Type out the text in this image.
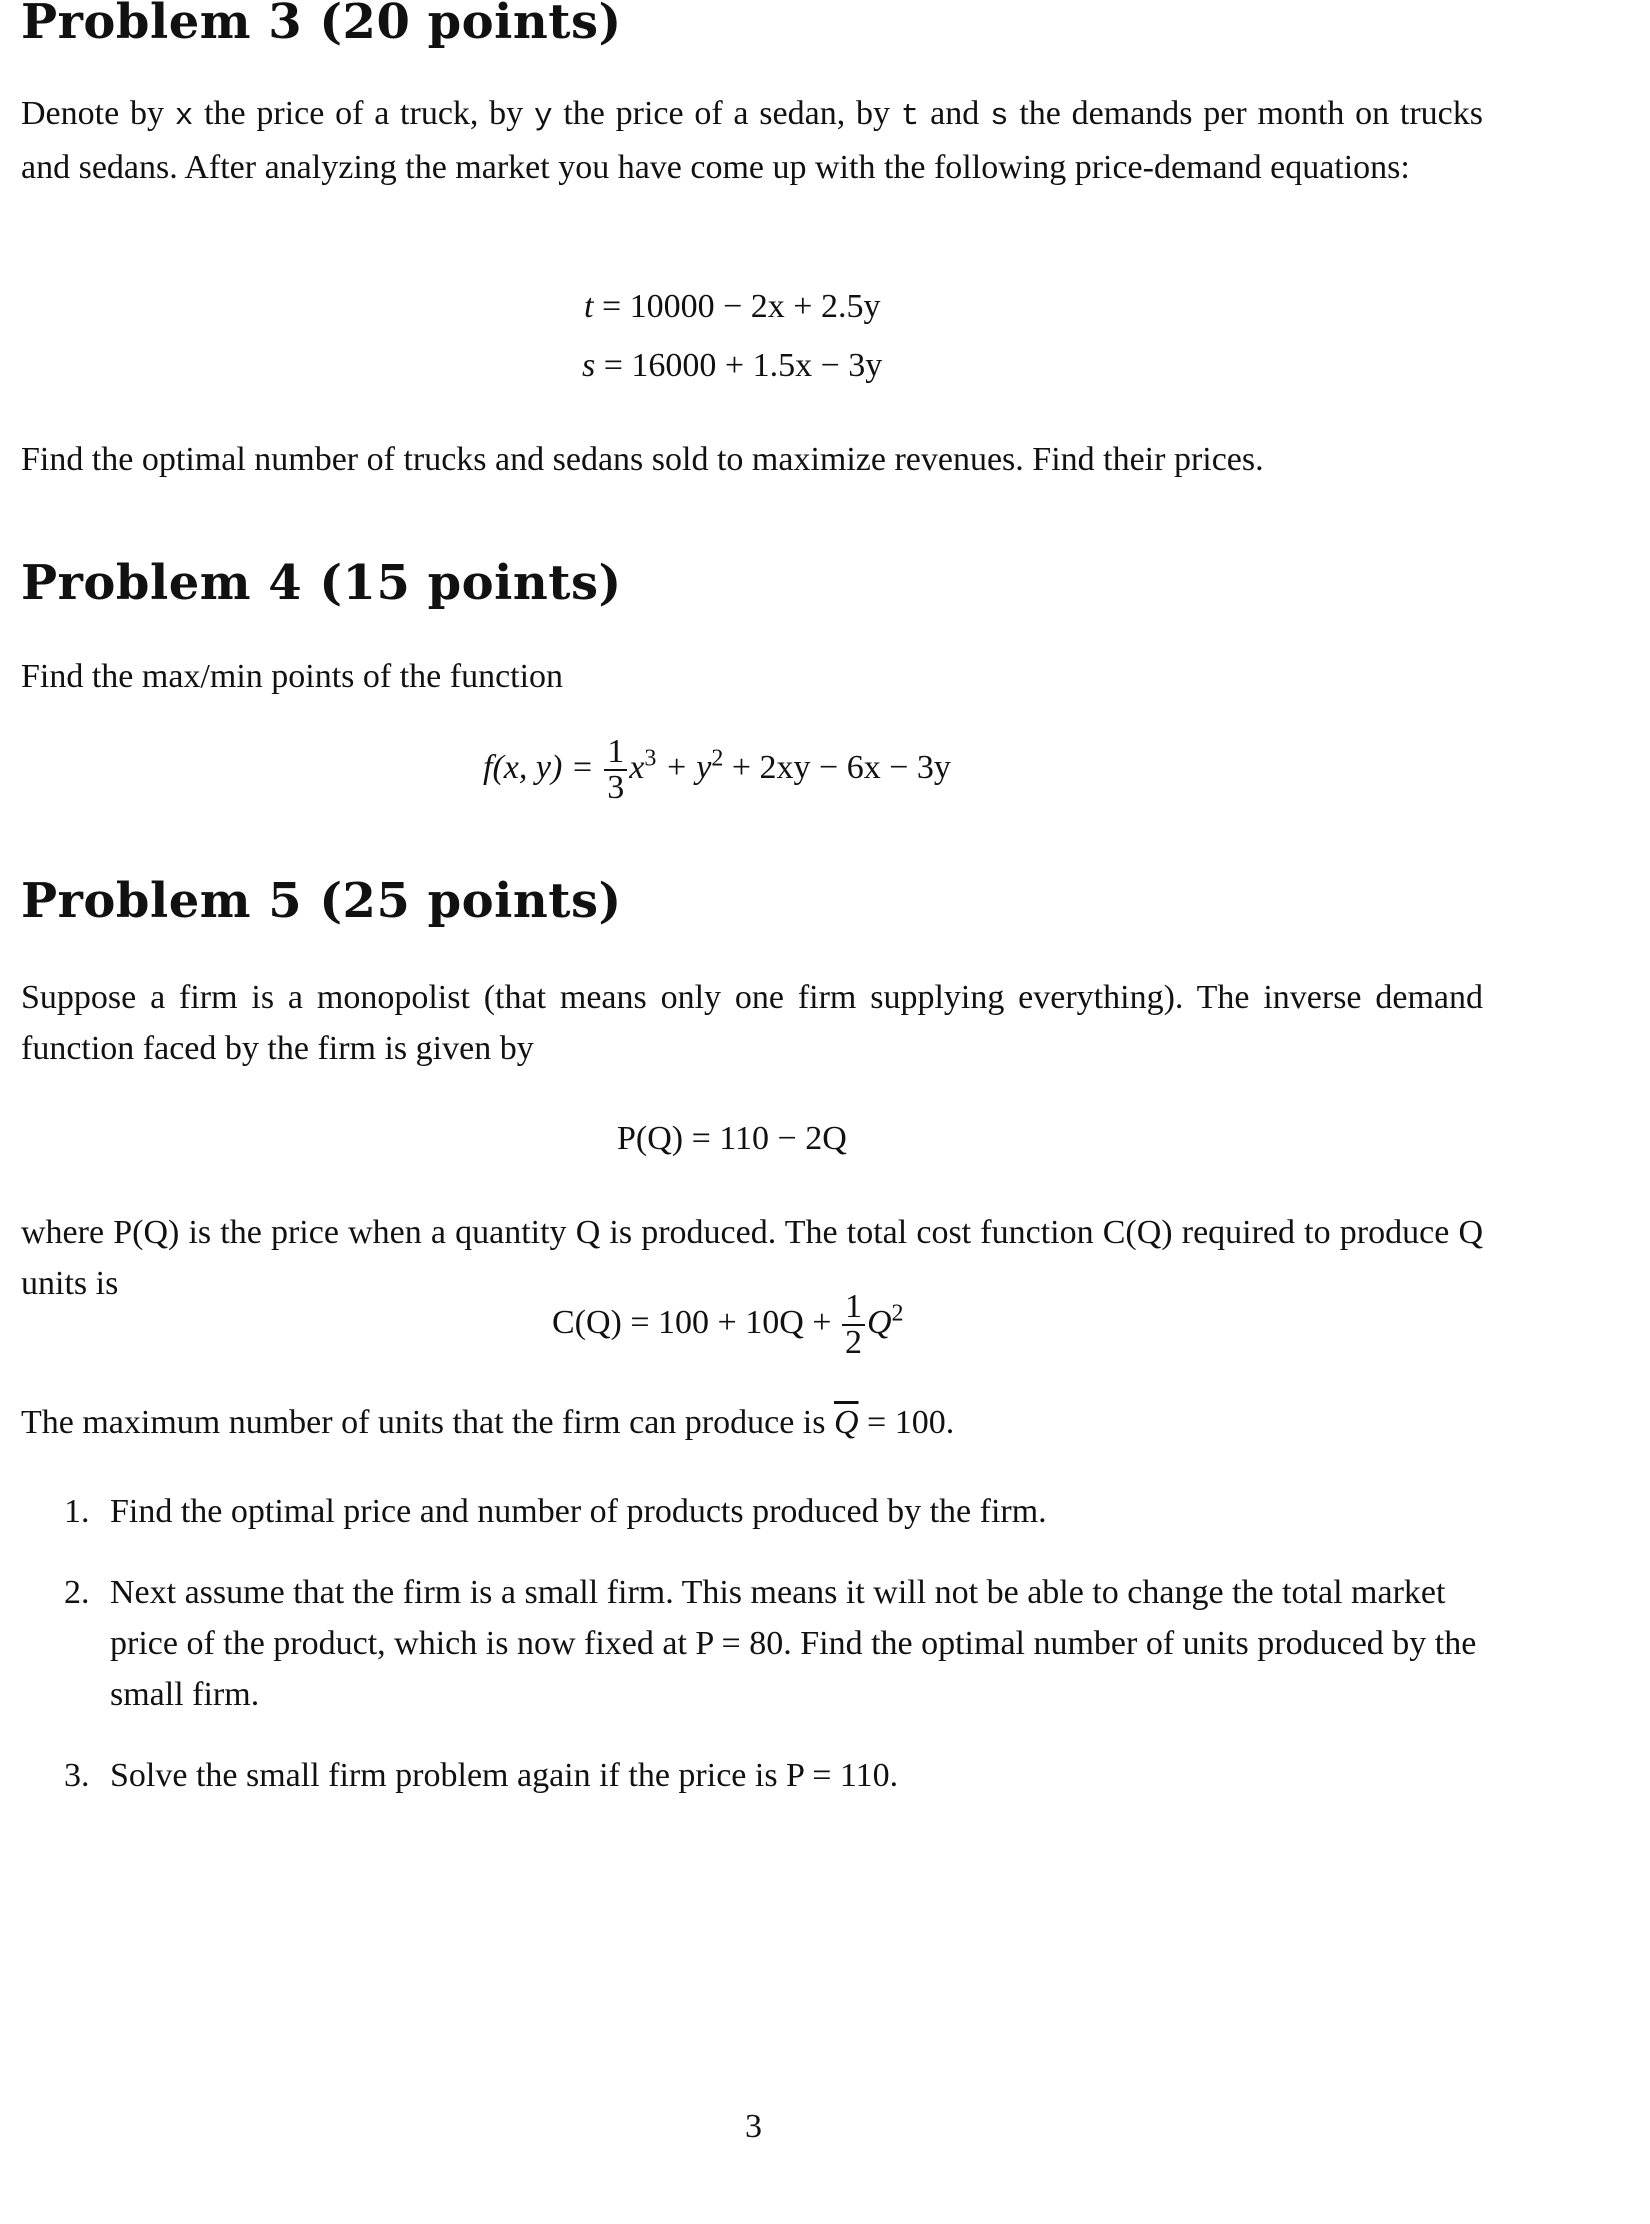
Problem 3 (20 points)

Denote by x the price of a truck, by y the price of a sedan, by t and s the demands per month on trucks and sedans. After analyzing the market you have come up with the following price-demand equations:

t = 10000 − 2x + 2.5y
s = 16000 + 1.5x − 3y

Find the optimal number of trucks and sedans sold to maximize revenues. Find their prices.

Problem 4 (15 points)

Find the max/min points of the function

f(x, $y) = \frac{1}{3} x^3 + y^2 + 2xy - 6x - 3y$
Problem 5 (25 points)

Suppose a firm is a monopolist (that means only one firm supplying everything). The inverse demand function faced by the firm is given by

P(Q) = 110 − 2Q

where P(Q) is the price when a quantity Q is produced. The total cost function C(Q) required to produce Q units is

$C(Q) = 100 + 10Q + \frac{1}{2} Q^2$

The maximum number of units that the firm can produce is $\overline{Q} = 100$.

1. Find the optimal price and number of products produced by the firm.
2. Next assume that the firm is a small firm. This means it will not be able to change the total market price of the product, which is now fixed at P = 80. Find the optimal number of units produced by the small firm.
3. Solve the small firm problem again if the price is P = 110.
3
